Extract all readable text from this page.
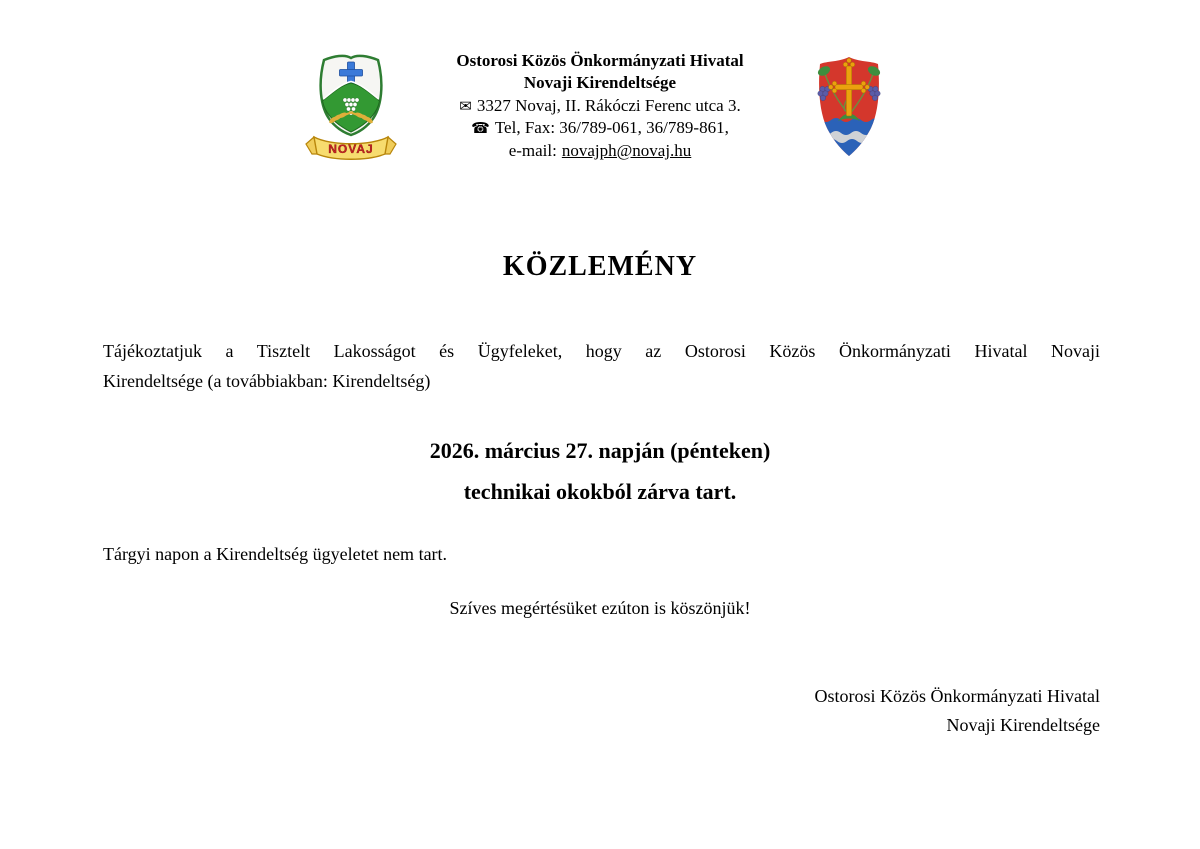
NOVAJ
Ostorosi Közös Önkormányzati Hivatal
Novaji Kirendeltsége
✉ 3327 Novaj, II. Rákóczi Ferenc utca 3.
☎ Tel, Fax: 36/789-061, 36/789-861,
e-mail: novajph@novaj.hu
KÖZLEMÉNY
Tájékoztatjuk a Tisztelt Lakosságot és Ügyfeleket, hogy az Ostorosi Közös Önkormányzati Hivatal Novaji
Kirendeltsége (a továbbiakban: Kirendeltség)
2026. március 27. napján (pénteken)
technikai okokból zárva tart.
Tárgyi napon a Kirendeltség ügyeletet nem tart.
Szíves megértésüket ezúton is köszönjük!
Ostorosi Közös Önkormányzati Hivatal
Novaji Kirendeltsége
